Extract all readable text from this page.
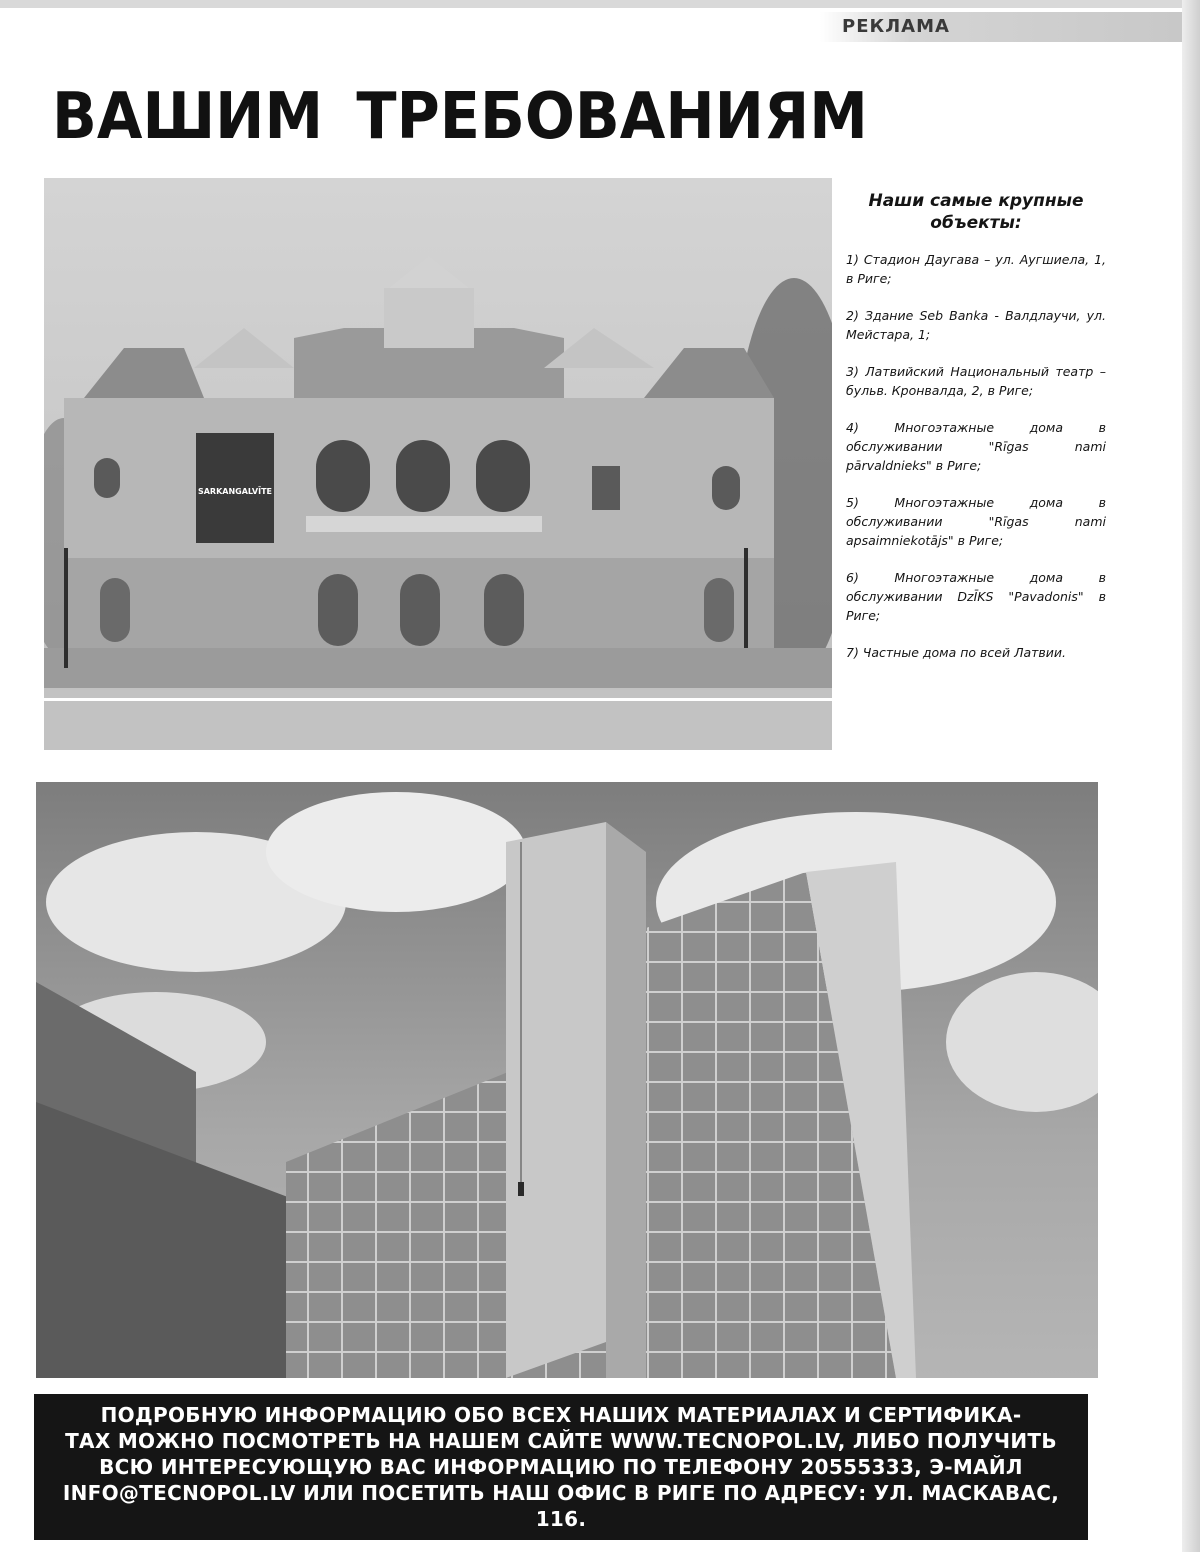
РЕКЛАМА
ВАШИМ ТРЕБОВАНИЯМ
SARKANGALVĪTE
Наши самые крупные объекты:
1) Стадион Даугава – ул. Аугшиела, 1, в Риге;
2) Здание Seb Banka - Валдлаучи, ул. Мейстара, 1;
3) Латвийский Национальный театр – бульв. Кронвалда, 2, в Риге;
4) Многоэтажные дома в обслуживании "Rīgas nami pārvaldnieks" в Риге;
5) Многоэтажные дома в обслуживании "Rīgas nami apsaimniekotājs" в Риге;
6) Многоэтажные дома в обслуживании DzĪKS "Pavadonis" в Риге;
7) Частные дома по всей Латвии.
ПОДРОБНУЮ ИНФОРМАЦИЮ ОБО ВСЕХ НАШИХ МАТЕРИАЛАХ И СЕРТИФИКА-
ТАХ МОЖНО ПОСМОТРЕТЬ НА НАШЕМ САЙТЕ WWW.TECNOPOL.LV, ЛИБО ПОЛУЧИТЬ
ВСЮ ИНТЕРЕСУЮЩУЮ ВАС ИНФОРМАЦИЮ ПО ТЕЛЕФОНУ 20555333, Э-МАЙЛ
INFO@TECNOPOL.LV ИЛИ ПОСЕТИТЬ НАШ ОФИС В РИГЕ ПО АДРЕСУ: УЛ. МАСКАВАС, 116.
